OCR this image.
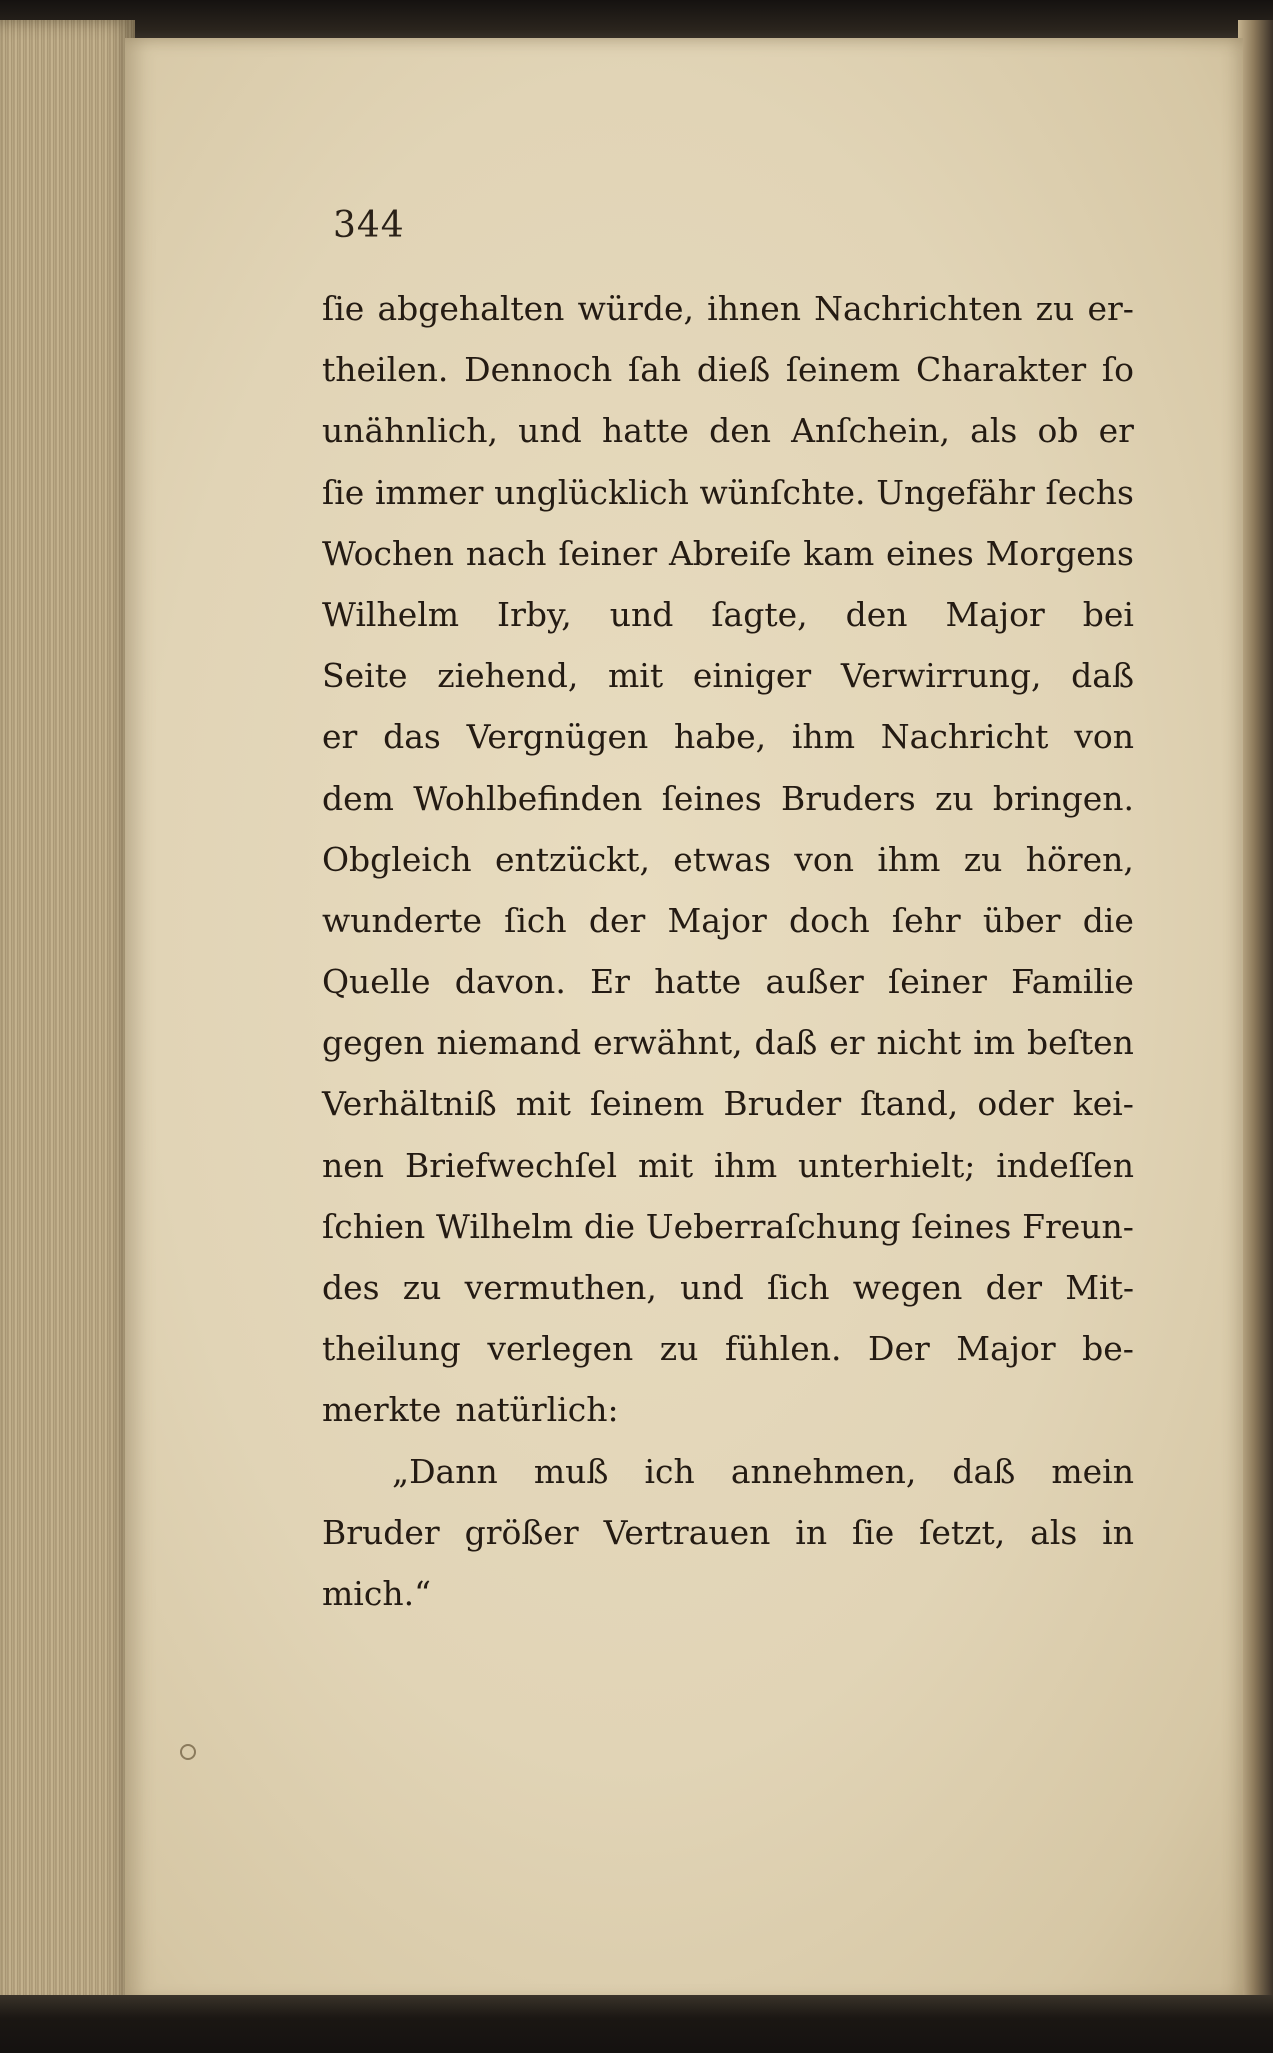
344
ſie abgehalten würde, ihnen Nachrichten zu er-
theilen. Dennoch ſah dieß ſeinem Charakter ſo
unähnlich, und hatte den Anſchein, als ob er
ſie immer unglücklich wünſchte. Ungefähr ſechs
Wochen nach ſeiner Abreiſe kam eines Morgens
Wilhelm Irby, und ſagte, den Major bei
Seite ziehend, mit einiger Verwirrung, daß
er das Vergnügen habe, ihm Nachricht von
dem Wohlbefinden ſeines Bruders zu bringen.
Obgleich entzückt, etwas von ihm zu hören,
wunderte ſich der Major doch ſehr über die
Quelle davon. Er hatte außer ſeiner Familie
gegen niemand erwähnt, daß er nicht im beſten
Verhältniß mit ſeinem Bruder ſtand, oder kei-
nen Briefwechſel mit ihm unterhielt; indeſſen
ſchien Wilhelm die Ueberraſchung ſeines Freun-
des zu vermuthen, und ſich wegen der Mit-
theilung verlegen zu fühlen. Der Major be-
merkte natürlich:
„Dann muß ich annehmen, daß mein
Bruder größer Vertrauen in ſie ſetzt, als in
mich.“
